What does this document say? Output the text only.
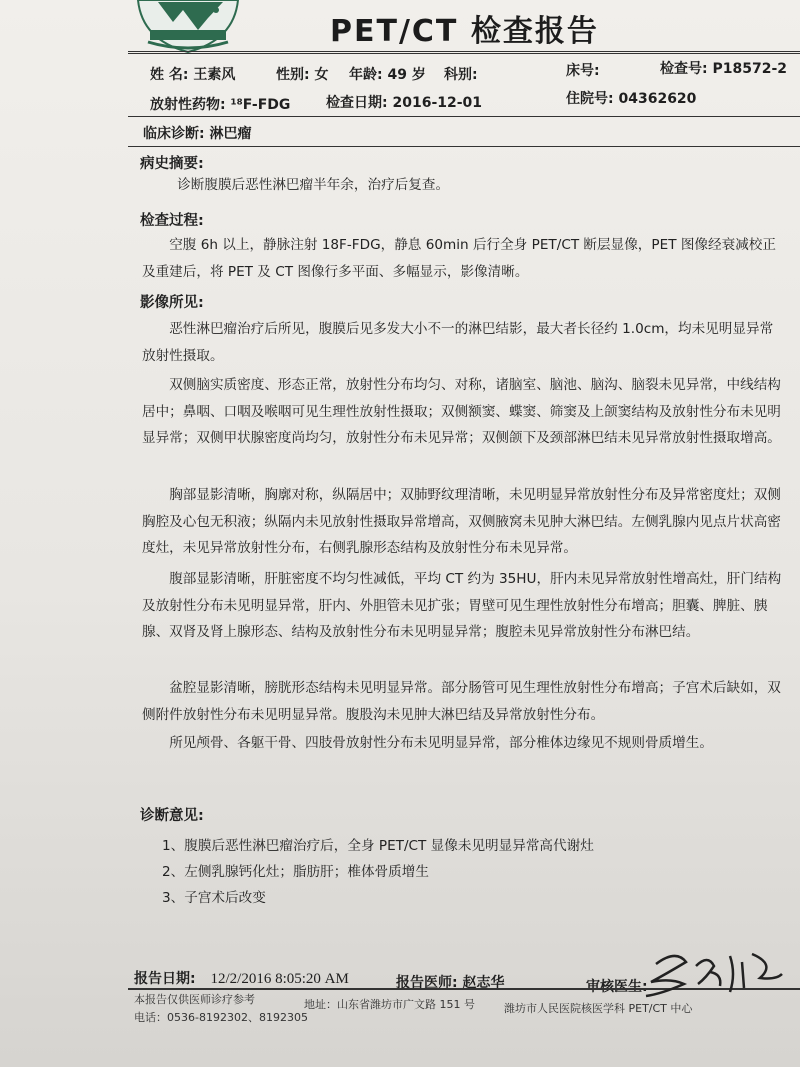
PET/CT 检查报告
姓 名: 王素风	性别: 女 年龄: 49 岁 科别:	床号:	检查号: P18572-2
放射性药物: ¹⁸F-FDG	检查日期: 2016-12-01	住院号: 04362620
临床诊断: 淋巴瘤
病史摘要:
诊断腹膜后恶性淋巴瘤半年余，治疗后复查。
检查过程:
空腹 6h 以上，静脉注射 18F-FDG，静息 60min 后行全身 PET/CT 断层显像，PET 图像经衰减校正及重建后，将 PET 及 CT 图像行多平面、多幅显示，影像清晰。
影像所见:
恶性淋巴瘤治疗后所见，腹膜后见多发大小不一的淋巴结影，最大者长径约 1.0cm，均未见明显异常放射性摄取。
双侧脑实质密度、形态正常，放射性分布均匀、对称，诸脑室、脑池、脑沟、脑裂未见异常，中线结构居中；鼻咽、口咽及喉咽可见生理性放射性摄取；双侧额窦、蝶窦、筛窦及上颌窦结构及放射性分布未见明显异常；双侧甲状腺密度尚均匀，放射性分布未见异常；双侧颌下及颈部淋巴结未见异常放射性摄取增高。
胸部显影清晰，胸廓对称，纵隔居中；双肺野纹理清晰，未见明显异常放射性分布及异常密度灶；双侧胸腔及心包无积液；纵隔内未见放射性摄取异常增高，双侧腋窝未见肿大淋巴结。左侧乳腺内见点片状高密度灶，未见异常放射性分布，右侧乳腺形态结构及放射性分布未见异常。
腹部显影清晰，肝脏密度不均匀性减低，平均 CT 约为 35HU，肝内未见异常放射性增高灶，肝门结构及放射性分布未见明显异常，肝内、外胆管未见扩张；胃壁可见生理性放射性分布增高；胆囊、脾脏、胰腺、双肾及肾上腺形态、结构及放射性分布未见明显异常；腹腔未见异常放射性分布淋巴结。
盆腔显影清晰，膀胱形态结构未见明显异常。部分肠管可见生理性放射性分布增高；子宫术后缺如，双侧附件放射性分布未见明显异常。腹股沟未见肿大淋巴结及异常放射性分布。
所见颅骨、各躯干骨、四肢骨放射性分布未见明显异常，部分椎体边缘见不规则骨质增生。
诊断意见:
1、腹膜后恶性淋巴瘤治疗后，全身 PET/CT 显像未见明显异常高代谢灶
2、左侧乳腺钙化灶；脂肪肝；椎体骨质增生
3、子宫术后改变
报告日期: 12/2/2016 8:05:20 AM	报告医师: 赵志华	审核医生:
本报告仅供医师诊疗参考	地址：山东省潍坊市广文路 151 号	潍坊市人民医院核医学科 PET/CT 中心
电话：0536-8192302、8192305
